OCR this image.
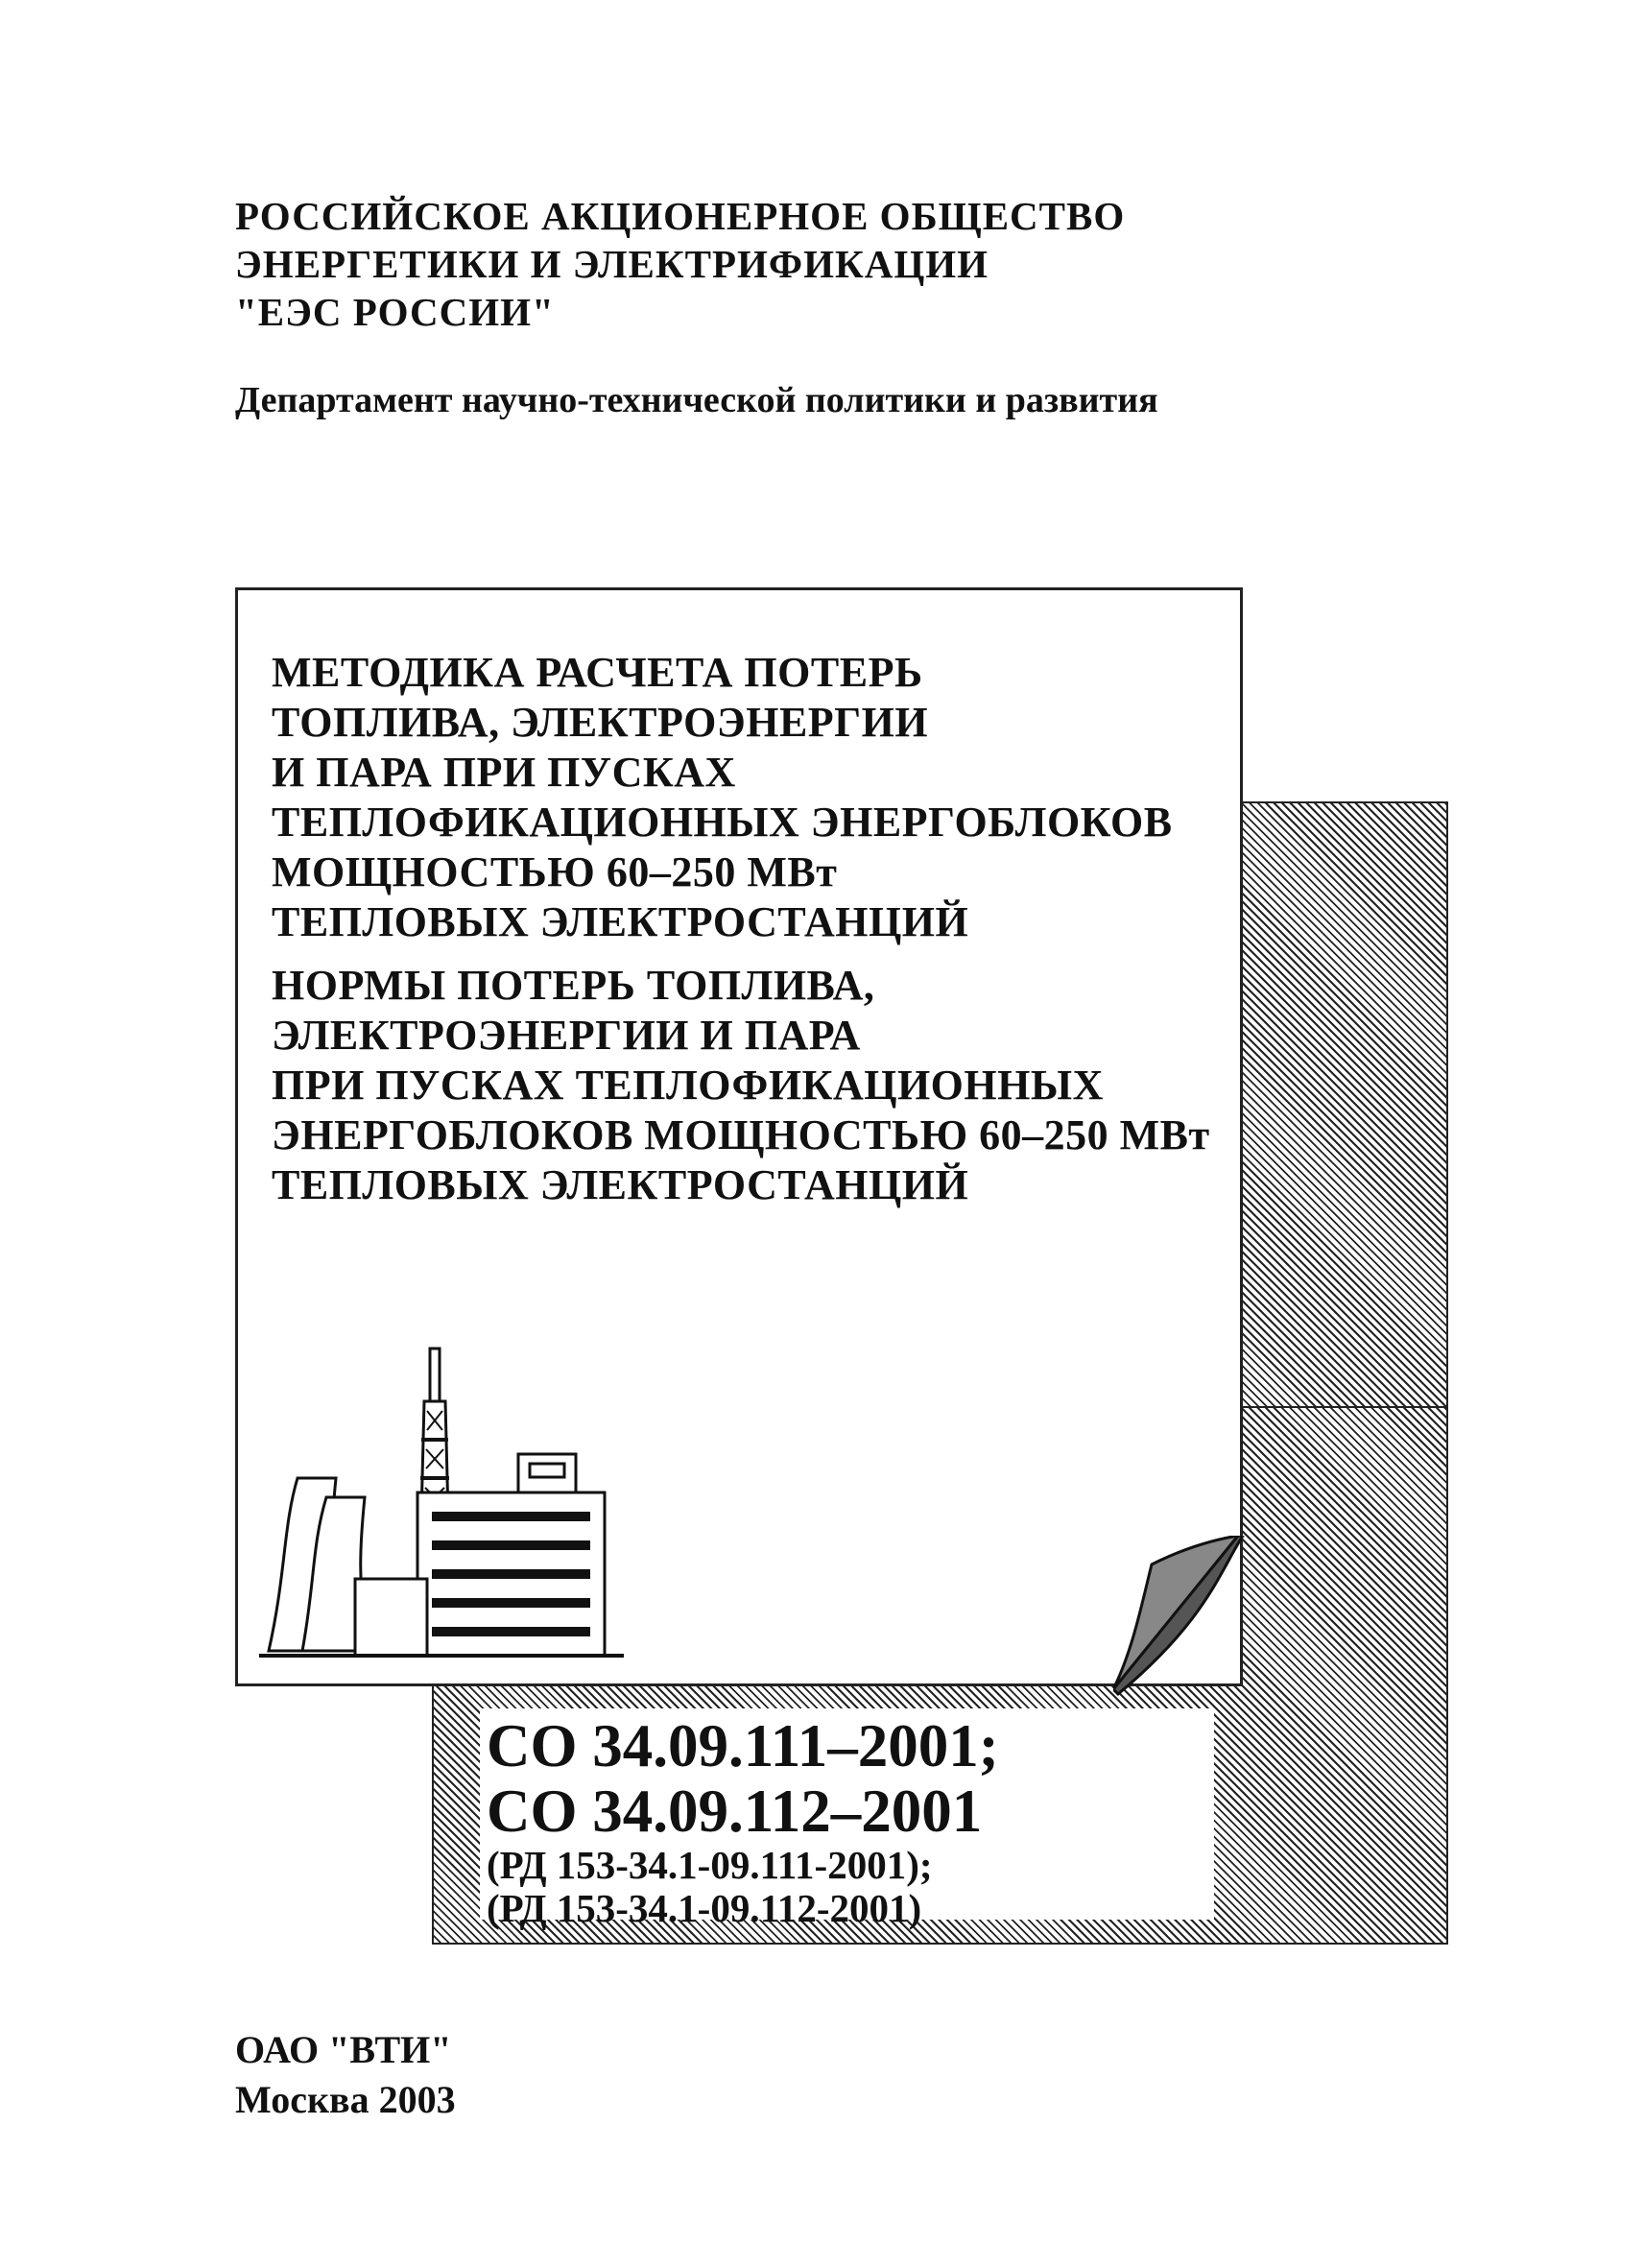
РОССИЙСКОЕ АКЦИОНЕРНОЕ ОБЩЕСТВО
ЭНЕРГЕТИКИ И ЭЛЕКТРИФИКАЦИИ
"ЕЭС РОССИИ"
Департамент научно-технической политики и развития
МЕТОДИКА РАСЧЕТА ПОТЕРЬ
ТОПЛИВА, ЭЛЕКТРОЭНЕРГИИ
И ПАРА ПРИ ПУСКАХ
ТЕПЛОФИКАЦИОННЫХ ЭНЕРГОБЛОКОВ
МОЩНОСТЬЮ 60–250 МВт
ТЕПЛОВЫХ ЭЛЕКТРОСТАНЦИЙ
НОРМЫ ПОТЕРЬ ТОПЛИВА,
ЭЛЕКТРОЭНЕРГИИ И ПАРА
ПРИ ПУСКАХ ТЕПЛОФИКАЦИОННЫХ
ЭНЕРГОБЛОКОВ МОЩНОСТЬЮ 60–250 МВт
ТЕПЛОВЫХ ЭЛЕКТРОСТАНЦИЙ
СО 34.09.111–2001;
СО 34.09.112–2001
(РД 153-34.1-09.111-2001);
(РД 153-34.1-09.112-2001)
ОАО "ВТИ"
Москва 2003
